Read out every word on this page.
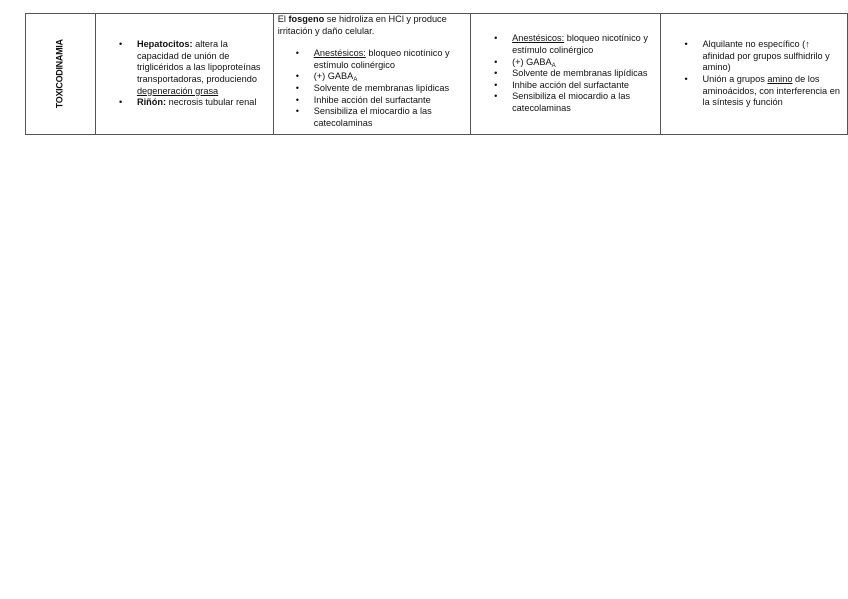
TOXICODINAMIA	
•Hepatocitos: altera la capacidad de unión de triglicéridos a las lipoproteínas transportadoras, produciendo degeneración grasa
• Riñón: necrosis tubular renal

El fosgeno se hidroliza en HCl y produce irritación y daño celular.
• Anestésicos: bloqueo nicotínico y estímulo colinérgico
• (+) $GABA_A$
• Solvente de membranas lipídicas
• Inhibe acción del surfactante
• Sensibiliza el miocardio a las catecolaminas

• Anestésicos: bloqueo nicotínico y estímulo colinérgico
• (+) $GABA_A$
• Solvente de membranas lipídicas
• Inhibe acción del surfactante
• Sensibiliza el miocardio a las catecolaminas

• Alquilante no específico (↑ afinidad por grupos sulfhidrilo y amino)
• Unión a grupos amino de los aminoácidos, con interferencia en la síntesis y función
